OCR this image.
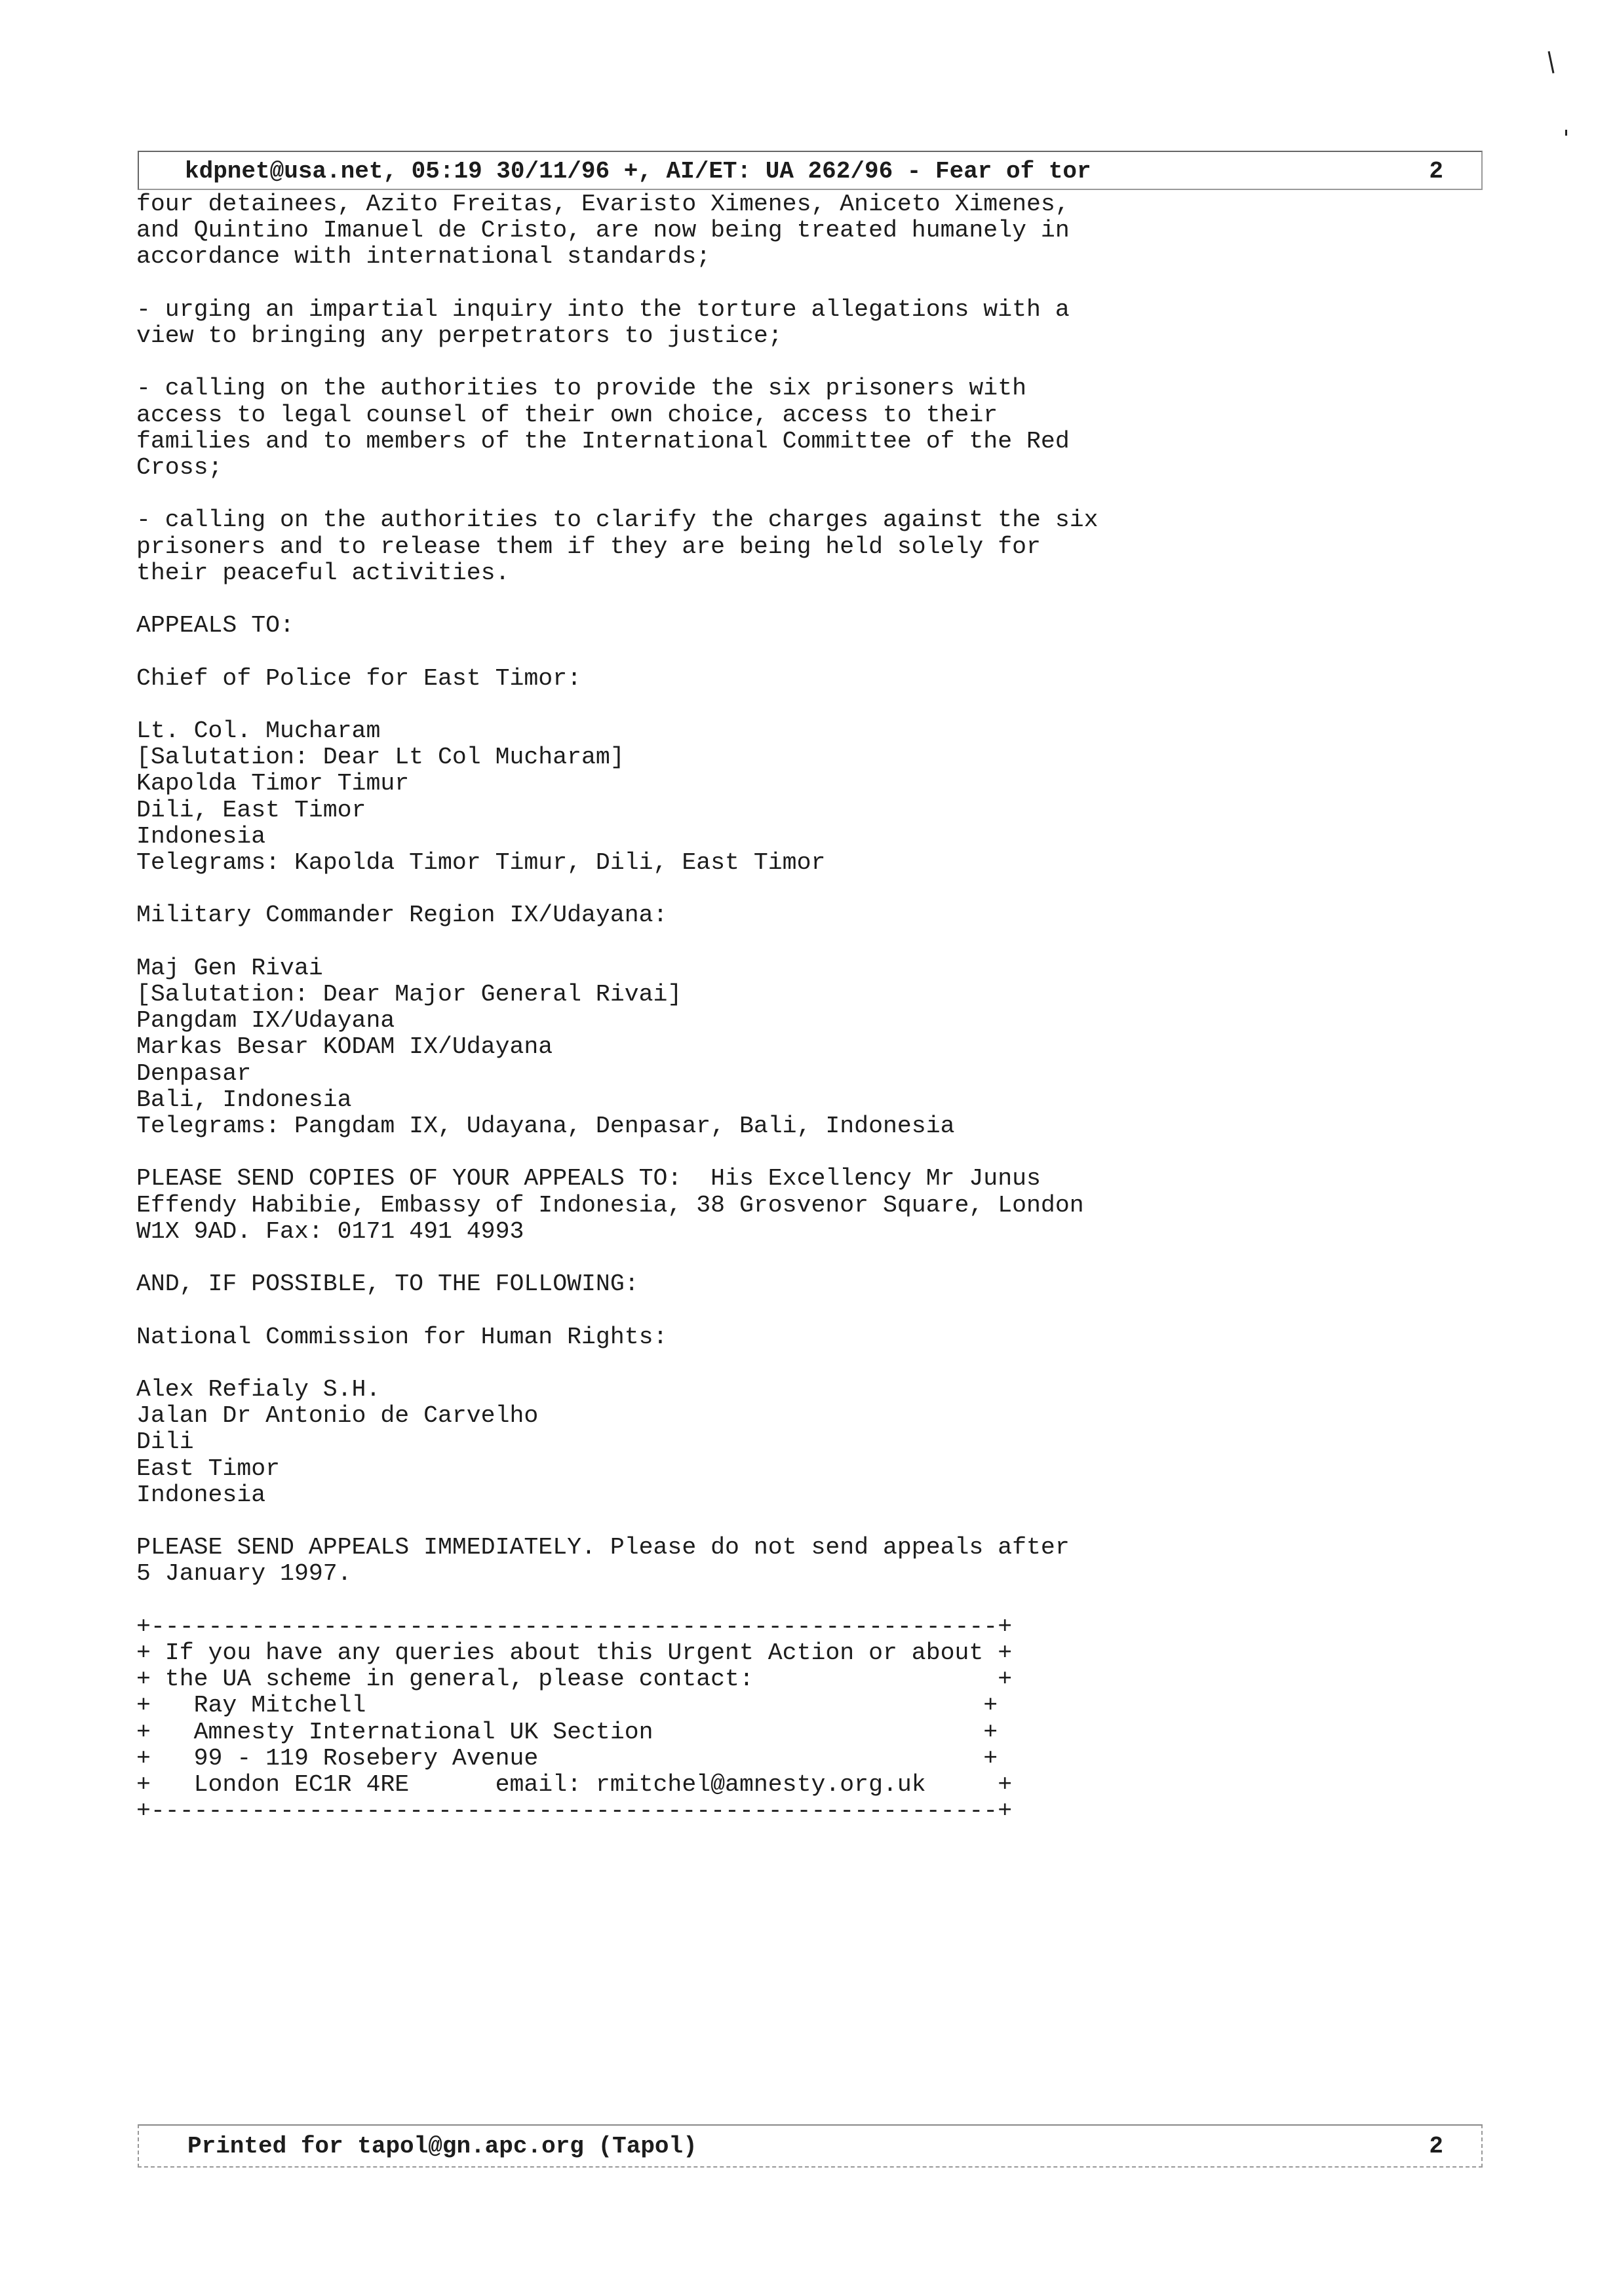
kdpnet@usa.net, 05:19 30/11/96 +, AI/ET: UA 262/96 - Fear of tor	2
four detainees, Azito Freitas, Evaristo Ximenes, Aniceto Ximenes,
and Quintino Imanuel de Cristo, are now being treated humanely in
accordance with international standards;
- urging an impartial inquiry into the torture allegations with a
view to bringing any perpetrators to justice;
- calling on the authorities to provide the six prisoners with
access to legal counsel of their own choice, access to their
families and to members of the International Committee of the Red
Cross;
- calling on the authorities to clarify the charges against the six
prisoners and to release them if they are being held solely for
their peaceful activities.
APPEALS TO:
Chief of Police for East Timor:
Lt. Col. Mucharam
[Salutation: Dear Lt Col Mucharam]
Kapolda Timor Timur
Dili, East Timor
Indonesia
Telegrams: Kapolda Timor Timur, Dili, East Timor
Military Commander Region IX/Udayana:
Maj Gen Rivai
[Salutation: Dear Major General Rivai]
Pangdam IX/Udayana
Markas Besar KODAM IX/Udayana
Denpasar
Bali, Indonesia
Telegrams: Pangdam IX, Udayana, Denpasar, Bali, Indonesia
PLEASE SEND COPIES OF YOUR APPEALS TO:  His Excellency Mr Junus
Effendy Habibie, Embassy of Indonesia, 38 Grosvenor Square, London
W1X 9AD. Fax: 0171 491 4993
AND, IF POSSIBLE, TO THE FOLLOWING:
National Commission for Human Rights:
Alex Refialy S.H.
Jalan Dr Antonio de Carvelho
Dili
East Timor
Indonesia
PLEASE SEND APPEALS IMMEDIATELY. Please do not send appeals after
5 January 1997.
+-----------------------------------------------------------+
+ If you have any queries about this Urgent Action or about +
+ the UA scheme in general, please contact:                 +
+   Ray Mitchell                                           +
+   Amnesty International UK Section                       +
+   99 - 119 Rosebery Avenue                               +
+   London EC1R 4RE      email: rmitchel@amnesty.org.uk     +
+-----------------------------------------------------------+
Printed for tapol@gn.apc.org (Tapol)	2
